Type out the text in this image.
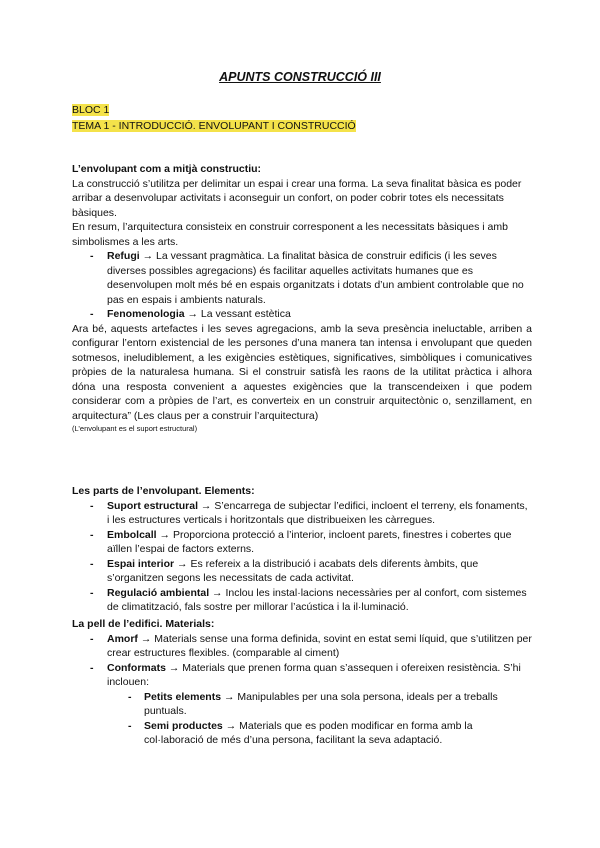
APUNTS CONSTRUCCIÓ III
BLOC 1
TEMA 1 - INTRODUCCIÓ. ENVOLUPANT I CONSTRUCCIÓ

L’envolupant com a mitjà constructiu:

La construcció s’utilitza per delimitar un espai i crear una forma. La seva finalitat bàsica es poder arribar a desenvolupar activitats i aconseguir un confort, on poder cobrir totes els necessitats bàsiques.

En resum, l’arquitectura consisteix en construir corresponent a les necessitats bàsiques i amb simbolismes a les arts.

- Refugi → La vessant pragmàtica. La finalitat bàsica de construir edificis (i les seves diverses possibles agregacions) és facilitar aquelles activitats humanes que es desenvolupen molt més bé en espais organitzats i dotats d’un ambient controlable que no pas en espais i ambients naturals.
- Fenomenologia → La vessant estètica

Ara bé, aquests artefactes i les seves agregacions, amb la seva presència ineluctable, arriben a configurar l’entorn existencial de les persones d’una manera tan intensa i envolupant que queden sotmesos, ineludiblement, a les exigències estètiques, significatives, simbòliques i comunicatives pròpies de la naturalesa humana. Si el construir satisfà les raons de la utilitat pràctica i alhora dóna una resposta convenient a aquestes exigències que la transcendeixen i que podem considerar com a pròpies de l’art, es converteix en un construir arquitectònic o, senzillament, en arquitectura” (Les claus per a construir l’arquitectura)

(L’envolupant es el suport estructural)

Les parts de l’envolupant. Elements:

- Suport estructural → S’encarrega de subjectar l’edifici, incloent el terreny, els fonaments, i les estructures verticals i horitzontals que distribueixen les càrregues.
- Embolcall → Proporciona protecció a l’interior, incloent parets, finestres i cobertes que aïllen l’espai de factors externs.
- Espai interior → Es refereix a la distribució i acabats dels diferents àmbits, que s’organitzen segons les necessitats de cada activitat.
- Regulació ambiental → Inclou les instal·lacions necessàries per al confort, com sistemes de climatització, fals sostre per millorar l’acústica i la il·luminació.

La pell de l’edifici. Materials:

- Amorf → Materials sense una forma definida, sovint en estat semi líquid, que s’utilitzen per crear estructures flexibles. (comparable al ciment)
- Conformats → Materials que prenen forma quan s’assequen i ofereixen resistència. S’hi inclouen:
- Petits elements → Manipulables per una sola persona, ideals per a treballs puntuals.
- Semi productes → Materials que es poden modificar en forma amb la col·laboració de més d’una persona, facilitant la seva adaptació.
